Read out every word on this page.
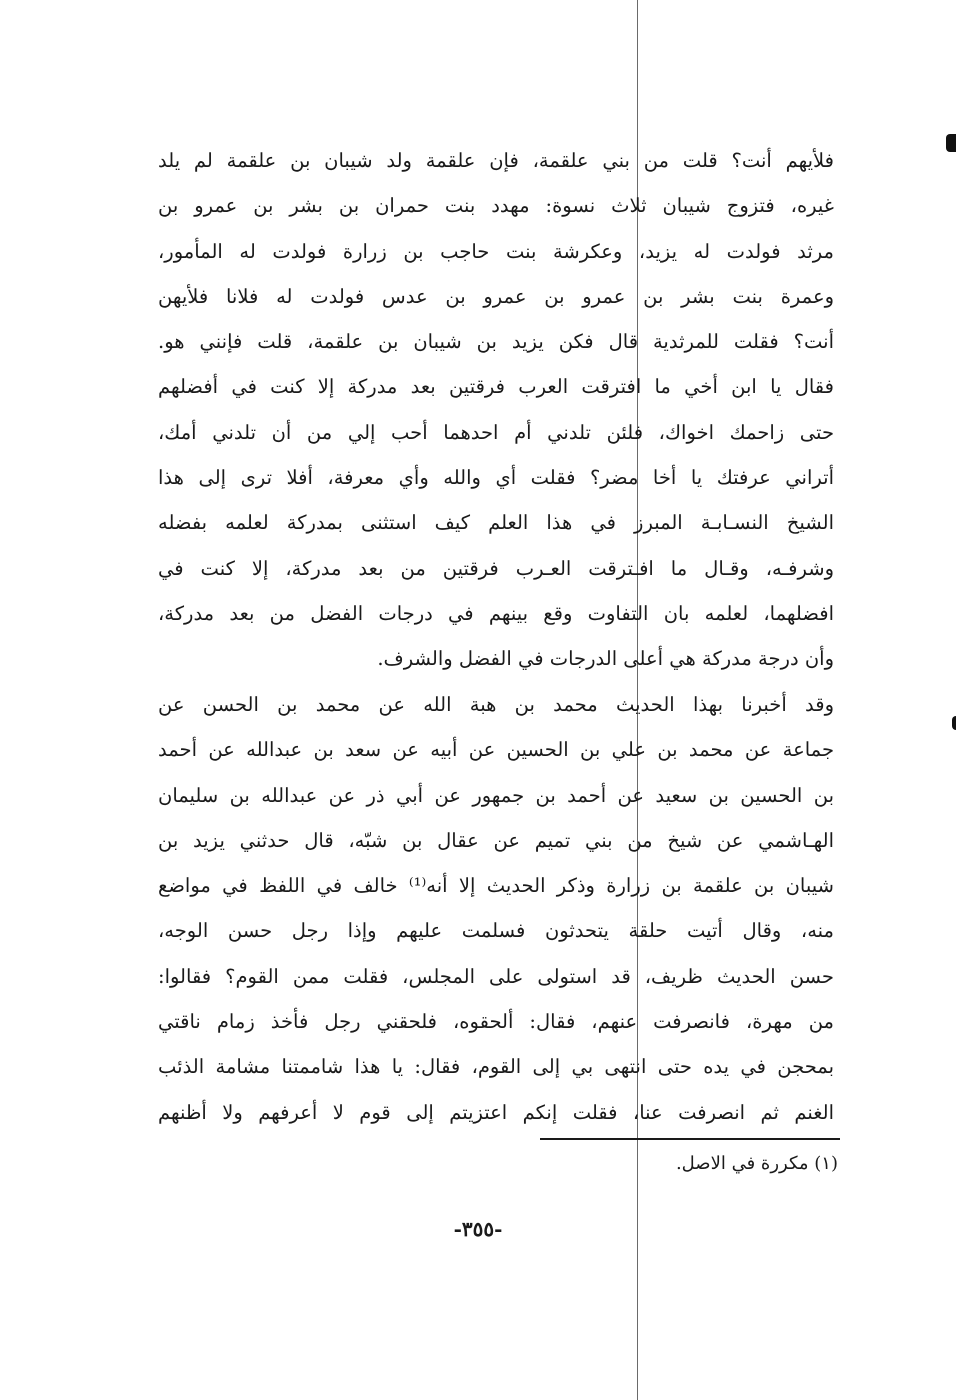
فلأيهم أنت؟ قلت من بني علقمة، فإن علقمة ولد شيبان بن علقمة لم يلد
غيره، فتزوج شيبان ثلاث نسوة: مهدد بنت حمران بن بشر بن عمرو بن
مرثد فولدت له يزيد، وعكرشة بنت حاجب بن زرارة فولدت له المأمور،
وعمرة بنت بشر بن عمرو بن عمرو بن عدس فولدت له فلانا فلأيهن
أنت؟ فقلت للمرثدية قال فكن يزيد بن شيبان بن علقمة، قلت فإنني هو.
فقال يا ابن أخي ما افترقت العرب فرقتين بعد مدركة إلا كنت في أفضلهم
حتى زاحمك اخواك، فلئن تلدني أم احدهما أحب إلي من أن تلدني أمك،
أتراني عرفتك يا أخا مضر؟ فقلت أي والله وأي معرفة، أفلا ترى إلى هذا
الشيخ النسـابـة المبرز في هذا العلم كيف استثنى بمدركة لعلمه بفضله
وشرفـه، وقـال ما افـترقت العـرب فرقتين من بعد مدركة، إلا كنت في
افضلهما، لعلمه بان التفاوت وقع بينهم في درجات الفضل من بعد مدركة،
وأن درجة مدركة هي أعلى الدرجات في الفضل والشرف.
وقد أخبرنا بهذا الحديث محمد بن هبة الله عن محمد بن الحسن عن
جماعة عن محمد بن علي بن الحسين عن أبيه عن سعد بن عبدالله عن أحمد
بن الحسين بن سعيد عن أحمد بن جمهور عن أبي ذر عن عبدالله بن سليمان
الهـاشمي عن شيخ من بني تميم عن عقال بن شبّه، قال حدثني يزيد بن
شيبان بن علقمة بن زرارة وذكر الحديث إلا أنه⁽¹⁾ خالف في اللفظ في مواضع
منه، وقال أتيت حلقة يتحدثون فسلمت عليهم وإذا رجل حسن الوجه،
حسن الحديث ظريف، قد استولى على المجلس، فقلت ممن القوم؟ فقالوا:
من مهرة، فانصرفت عنهم، فقال: ألحقوه، فلحقني رجل فأخذ زمام ناقتي
بمحجن في يده حتى انتهى بي إلى القوم، فقال: يا هذا شاممتنا مشامة الذئب
الغنم ثم انصرفت عنا، فقلت إنكم اعتزيتم إلى قوم لا أعرفهم ولا أظنهم
(١) مكررة في الاصل.
-٣٥٥-
